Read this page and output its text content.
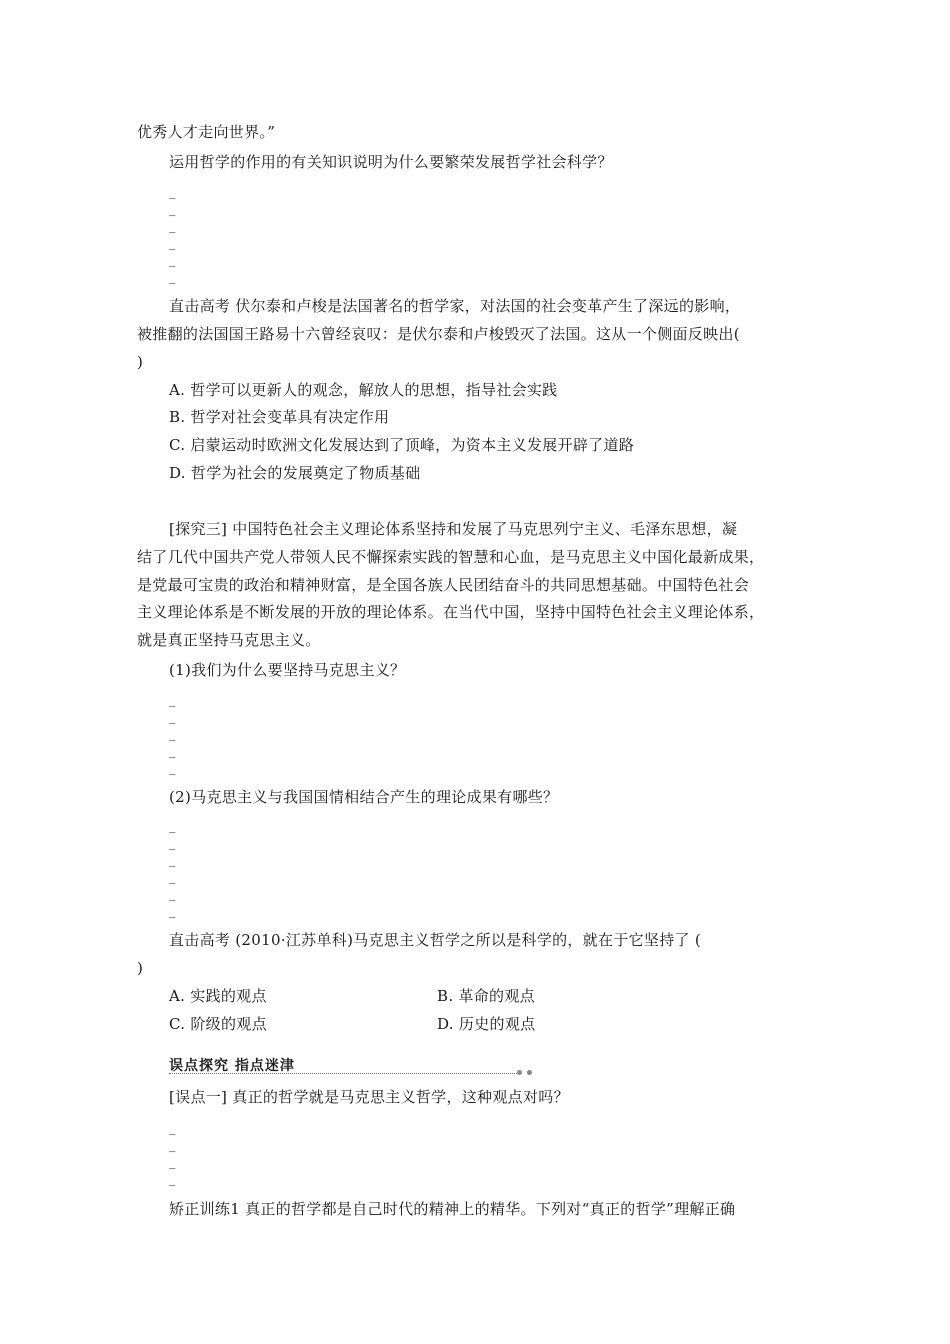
优秀人才走向世界。”
运用哲学的作用的有关知识说明为什么要繁荣发展哲学社会科学？
_
_
_
_
_
_
直击高考 伏尔泰和卢梭是法国著名的哲学家，对法国的社会变革产生了深远的影响，
被推翻的法国国王路易十六曾经哀叹：是伏尔泰和卢梭毁灭了法国。这从一个侧面反映出(
)
A. 哲学可以更新人的观念，解放人的思想，指导社会实践
B. 哲学对社会变革具有决定作用
C. 启蒙运动时欧洲文化发展达到了顶峰，为资本主义发展开辟了道路
D. 哲学为社会的发展奠定了物质基础
[探究三] 中国特色社会主义理论体系坚持和发展了马克思列宁主义、毛泽东思想，凝
结了几代中国共产党人带领人民不懈探索实践的智慧和心血，是马克思主义中国化最新成果，
是党最可宝贵的政治和精神财富，是全国各族人民团结奋斗的共同思想基础。中国特色社会
主义理论体系是不断发展的开放的理论体系。在当代中国，坚持中国特色社会主义理论体系，
就是真正坚持马克思主义。
(1)我们为什么要坚持马克思主义？
_
_
_
_
_
(2)马克思主义与我国国情相结合产生的理论成果有哪些？
_
_
_
_
_
_
直击高考 (2010·江苏单科)马克思主义哲学之所以是科学的，就在于它坚持了 (
)
A. 实践的观点	B. 革命的观点
C. 阶级的观点	D. 历史的观点
误点探究 指点迷津
[误点一] 真正的哲学就是马克思主义哲学，这种观点对吗？
_
_
_
_
矫正训练1 真正的哲学都是自己时代的精神上的精华。下列对“真正的哲学”理解正确
